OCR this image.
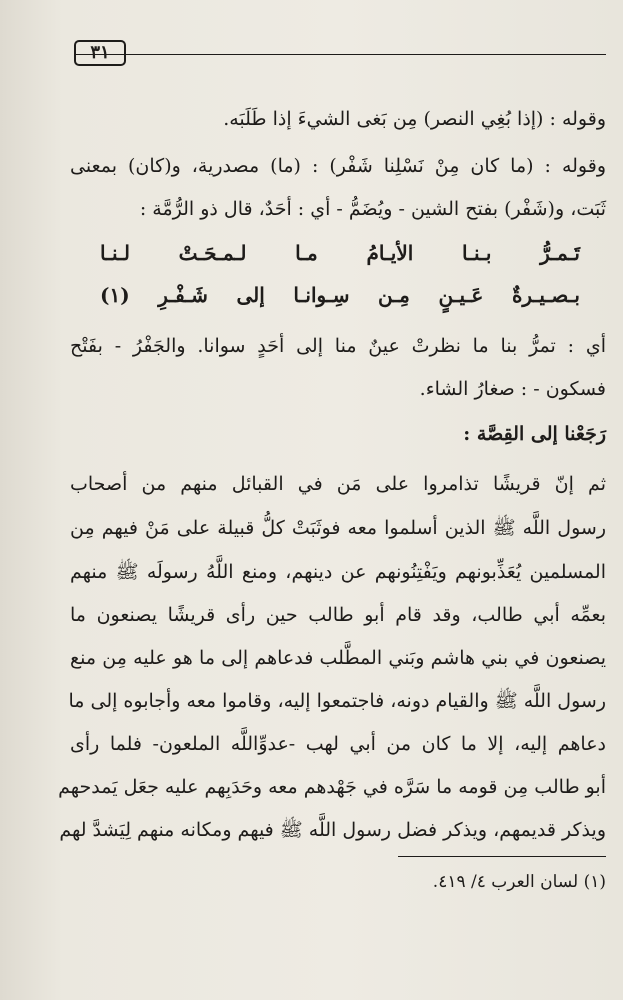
٣١
وقوله : (إذا بُغِي النصر) مِن بَغى الشيءَ إذا طَلَبَه.
وقوله : (ما كان مِنْ نَسْلِنا شَفْر) : (ما) مصدرية، و(كان) بمعنى
ثَبَت، و(شَفْر) بفتح الشين - ويُضَمُّ - أي : أحَدٌ، قال ذو الرُّمَّة :
تَـمـرُّ بـنـا الأيـامُ مـا لـمـحَـتْ لـنـا
بـصـيـرةٌ عَـيـنٍ مِـن سِـوانـا إلى شَـفْـرِ (١)
أي : تمرُّ بنا ما نظرتْ عينٌ منا إلى أحَدٍ سوانا. والجَفْرُ - بفَتْح
فسكون - : صغارُ الشاء.
رَجَعْنا إلى القِصَّة :
ثم إنّ قريشًا تذامروا على مَن في القبائل منهم من أصحاب
رسول اللَّه ﷺ الذين أسلموا معه فوثَبَتْ كلُّ قبيلة على مَنْ فيهم مِن
المسلمين يُعَذِّبونهم ويَفْتِنُونهم عن دينهم، ومنع اللَّهُ رسولَه ﷺ منهم
بعمِّه أبي طالب، وقد قام أبو طالب حين رأى قريشًا يصنعون ما
يصنعون في بني هاشم وبَني المطَّلب فدعاهم إلى ما هو عليه مِن منع
رسول اللَّه ﷺ والقيام دونه، فاجتمعوا إليه، وقاموا معه وأجابوه إلى ما
دعاهم إليه، إلا ما كان من أبي لهب -عدوِّاللَّه الملعون- فلما رأى
أبو طالب مِن قومه ما سَرَّه في جَهْدهم معه وحَدَبِهم عليه جعَل يَمدحهم
ويذكر قديمهم، ويذكر فضل رسول اللَّه ﷺ فيهم ومكانه منهم لِيَشدَّ لهم
(١) لسان العرب ٤/ ٤١٩.
